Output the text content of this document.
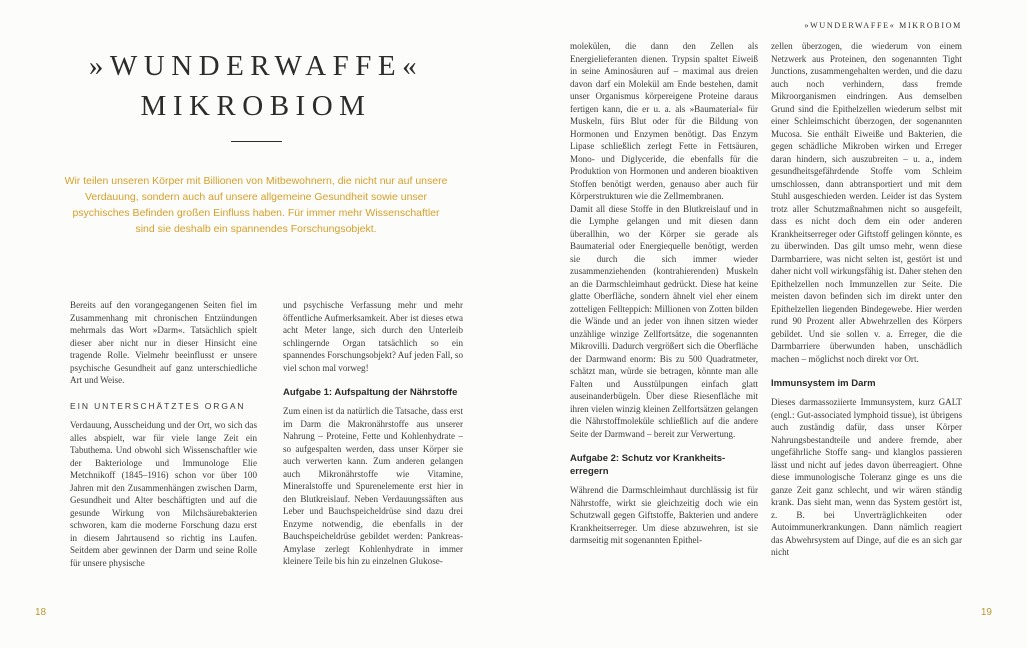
»WUNDERWAFFE« MIKROBIOM
»WUNDERWAFFE«
MIKROBIOM

Wir teilen unseren Körper mit Billionen von Mitbewohnern, die nicht nur auf unsere Verdauung, sondern auch auf unsere allgemeine Gesundheit sowie unser psychisches Befinden großen Einfluss haben. Für immer mehr Wissenschaftler sind sie deshalb ein spannendes Forschungsobjekt.

Bereits auf den vorangegangenen Seiten fiel im Zusammenhang mit chronischen Entzündungen mehrmals das Wort »Darm«. Tatsächlich spielt dieser aber nicht nur in dieser Hinsicht eine tragende Rolle. Vielmehr beeinflusst er unsere psychische Gesundheit auf ganz unterschiedliche Art und Weise.

EIN UNTERSCHÄTZTES ORGAN

Verdauung, Ausscheidung und der Ort, wo sich das alles abspielt, war für viele lange Zeit ein Tabuthema. Und obwohl sich Wissenschaftler wie der Bakteriologe und Immunologe Elie Metchnikoff (1845–1916) schon vor über 100 Jahren mit den Zusammenhängen zwischen Darm, Gesundheit und Alter beschäftigten und auf die gesunde Wirkung von Milchsäurebakterien schworen, kam die moderne Forschung dazu erst in diesem Jahrtausend so richtig ins Laufen. Seitdem aber gewinnen der Darm und seine Rolle für unsere physische

und psychische Verfassung mehr und mehr öffentliche Aufmerksamkeit. Aber ist dieses etwa acht Meter lange, sich durch den Unterleib schlingernde Organ tatsächlich so ein spannendes Forschungsobjekt? Auf jeden Fall, so viel schon mal vorweg!

Aufgabe 1: Aufspaltung der Nährstoffe

Zum einen ist da natürlich die Tatsache, dass erst im Darm die Makronährstoffe aus unserer Nahrung – Proteine, Fette und Kohlenhydrate – so aufgespalten werden, dass unser Körper sie auch verwerten kann. Zum anderen gelangen auch Mikronährstoffe wie Vitamine, Mineralstoffe und Spurenelemente erst hier in den Blutkreislauf. Neben Verdauungssäften aus Leber und Bauchspeicheldrüse sind dazu drei Enzyme notwendig, die ebenfalls in der Bauchspeicheldrüse gebildet werden: Pankreas-Amylase zerlegt Kohlenhydrate in immer kleinere Teile bis hin zu einzelnen Glukose-

molekülen, die dann den Zellen als Energielieferanten dienen. Trypsin spaltet Eiweiß in seine Aminosäuren auf – maximal aus dreien davon darf ein Molekül am Ende bestehen, damit unser Organismus körpereigene Proteine daraus fertigen kann, die er u. a. als »Baumaterial« für Muskeln, fürs Blut oder für die Bildung von Hormonen und Enzymen benötigt. Das Enzym Lipase schließlich zerlegt Fette in Fettsäuren, Mono- und Diglyceride, die ebenfalls für die Produktion von Hormonen und anderen bioaktiven Stoffen benötigt werden, genauso aber auch für Körperstrukturen wie die Zellmembranen.

Damit all diese Stoffe in den Blutkreislauf und in die Lymphe gelangen und mit diesen dann überallhin, wo der Körper sie gerade als Baumaterial oder Energiequelle benötigt, werden sie durch die sich immer wieder zusammenziehenden (kontrahierenden) Muskeln an die Darmschleimhaut gedrückt. Diese hat keine glatte Oberfläche, sondern ähnelt viel eher einem zotteligen Fellteppich: Millionen von Zotten bilden die Wände und an jeder von ihnen sitzen wieder unzählige winzige Zellfortsätze, die sogenannten Mikrovilli. Dadurch vergrößert sich die Oberfläche der Darmwand enorm: Bis zu 500 Quadratmeter, schätzt man, würde sie betragen, könnte man alle Falten und Ausstülpungen einfach glatt auseinanderbügeln. Über diese Riesenfläche mit ihren vielen winzig kleinen Zellfortsätzen gelangen die Nährstoffmoleküle schließlich auf die andere Seite der Darmwand – bereit zur Verwertung.

Aufgabe 2: Schutz vor Krankheits-erregern

Während die Darmschleimhaut durchlässig ist für Nährstoffe, wirkt sie gleichzeitig doch wie ein Schutzwall gegen Giftstoffe, Bakterien und andere Krankheitserreger. Um diese abzuwehren, ist sie darmseitig mit sogenannten Epithel-

zellen überzogen, die wiederum von einem Netzwerk aus Proteinen, den sogenannten Tight Junctions, zusammengehalten werden, und die dazu auch noch verhindern, dass fremde Mikroorganismen eindringen. Aus demselben Grund sind die Epithelzellen wiederum selbst mit einer Schleimschicht überzogen, der sogenannten Mucosa. Sie enthält Eiweiße und Bakterien, die gegen schädliche Mikroben wirken und Erreger daran hindern, sich auszubreiten – u. a., indem gesundheitsgefährdende Stoffe vom Schleim umschlossen, dann abtransportiert und mit dem Stuhl ausgeschieden werden. Leider ist das System trotz aller Schutzmaßnahmen nicht so ausgefeilt, dass es nicht doch dem ein oder anderen Krankheitserreger oder Giftstoff gelingen könnte, es zu überwinden. Das gilt umso mehr, wenn diese Darmbarriere, was nicht selten ist, gestört ist und daher nicht voll wirkungsfähig ist. Daher stehen den Epithelzellen noch Immunzellen zur Seite. Die meisten davon befinden sich im direkt unter den Epithelzellen liegenden Bindegewebe. Hier werden rund 90 Prozent aller Abwehrzellen des Körpers gebildet. Und sie sollen v. a. Erreger, die die Darmbarriere überwunden haben, unschädlich machen – möglichst noch direkt vor Ort.

Immunsystem im Darm

Dieses darmassoziierte Immunsystem, kurz GALT (engl.: Gut-associated lymphoid tissue), ist übrigens auch zuständig dafür, dass unser Körper Nahrungsbestandteile und andere fremde, aber ungefährliche Stoffe sang- und klanglos passieren lässt und nicht auf jedes davon überreagiert. Ohne diese immunologische Toleranz ginge es uns die ganze Zeit ganz schlecht, und wir wären ständig krank. Das sieht man, wenn das System gestört ist, z. B. bei Unverträglichkeiten oder Autoimmunerkrankungen. Dann nämlich reagiert das Abwehrsystem auf Dinge, auf die es an sich gar nicht

18	19
